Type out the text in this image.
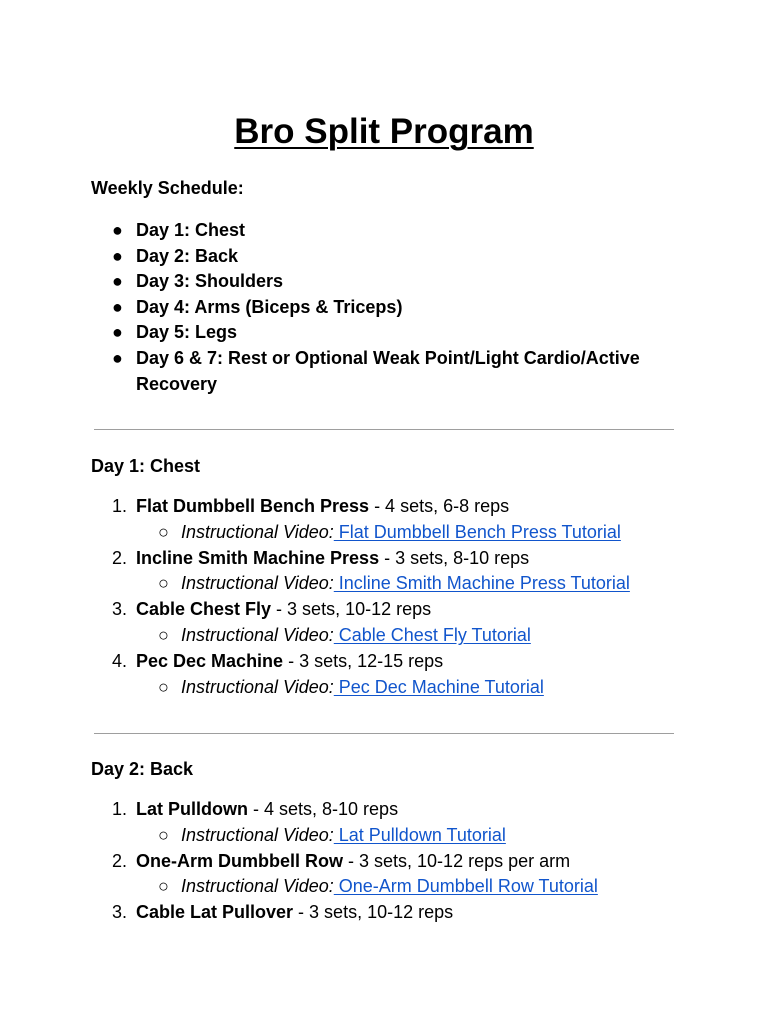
Bro Split Program
Weekly Schedule:
● Day 1: Chest
● Day 2: Back
● Day 3: Shoulders
● Day 4: Arms (Biceps & Triceps)
● Day 5: Legs
● Day 6 & 7: Rest or Optional Weak Point/Light Cardio/Active Recovery
Day 1: Chest
1. Flat Dumbbell Bench Press - 4 sets, 6-8 reps
○ Instructional Video: Flat Dumbbell Bench Press Tutorial
2. Incline Smith Machine Press - 3 sets, 8-10 reps
○ Instructional Video: Incline Smith Machine Press Tutorial
3. Cable Chest Fly - 3 sets, 10-12 reps
○ Instructional Video: Cable Chest Fly Tutorial
4. Pec Dec Machine - 3 sets, 12-15 reps
○ Instructional Video: Pec Dec Machine Tutorial
Day 2: Back
1. Lat Pulldown - 4 sets, 8-10 reps
○ Instructional Video: Lat Pulldown Tutorial
2. One-Arm Dumbbell Row - 3 sets, 10-12 reps per arm
○ Instructional Video: One-Arm Dumbbell Row Tutorial
3. Cable Lat Pullover - 3 sets, 10-12 reps
